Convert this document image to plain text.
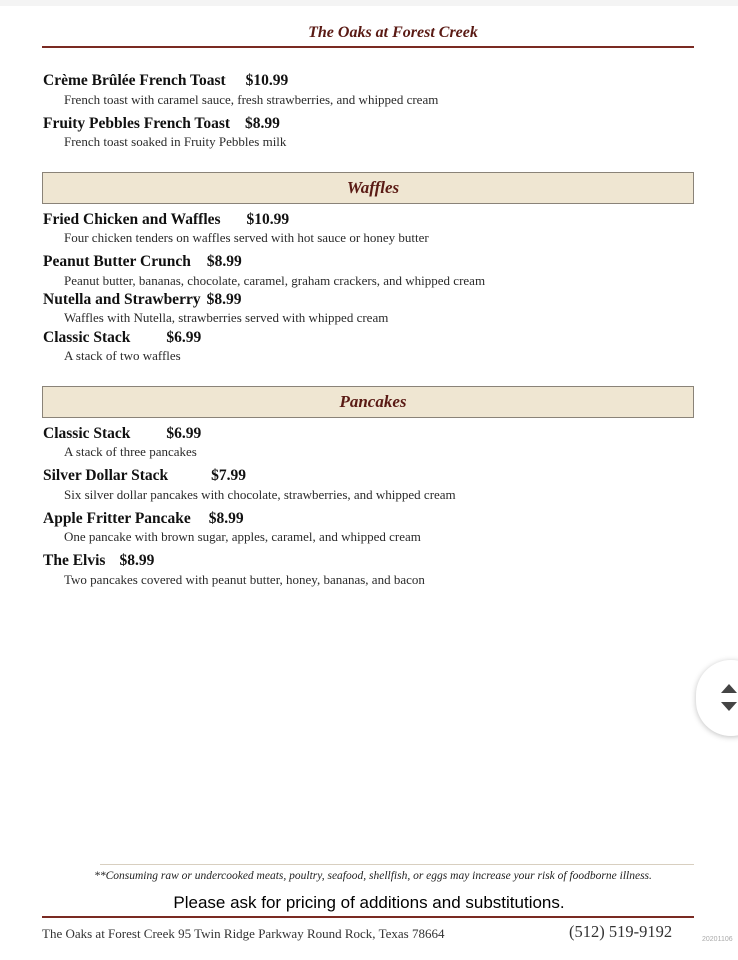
The Oaks at Forest Creek
Crème Brûlée French Toast $10.99
French toast with caramel sauce, fresh strawberries, and whipped cream
Fruity Pebbles French Toast $8.99
French toast soaked in Fruity Pebbles milk
Waffles
Fried Chicken and Waffles $10.99
Four chicken tenders on waffles served with hot sauce or honey butter
Peanut Butter Crunch $8.99
Peanut butter, bananas, chocolate, caramel, graham crackers, and whipped cream
Nutella and Strawberry $8.99
Waffles with Nutella, strawberries served with whipped cream
Classic Stack $6.99
A stack of two waffles
Pancakes
Classic Stack $6.99
A stack of three pancakes
Silver Dollar Stack	$7.99
Six silver dollar pancakes with chocolate, strawberries, and whipped cream
Apple Fritter Pancake $8.99
One pancake with brown sugar, apples, caramel, and whipped cream
The Elvis $8.99
Two pancakes covered with peanut butter, honey, bananas, and bacon
**Consuming raw or undercooked meats, poultry, seafood, shellfish, or eggs may increase your risk of foodborne illness.
Please ask for pricing of additions and substitutions.
The Oaks at Forest Creek 95 Twin Ridge Parkway Round Rock, Texas 78664	(512) 519-9192	20201106
